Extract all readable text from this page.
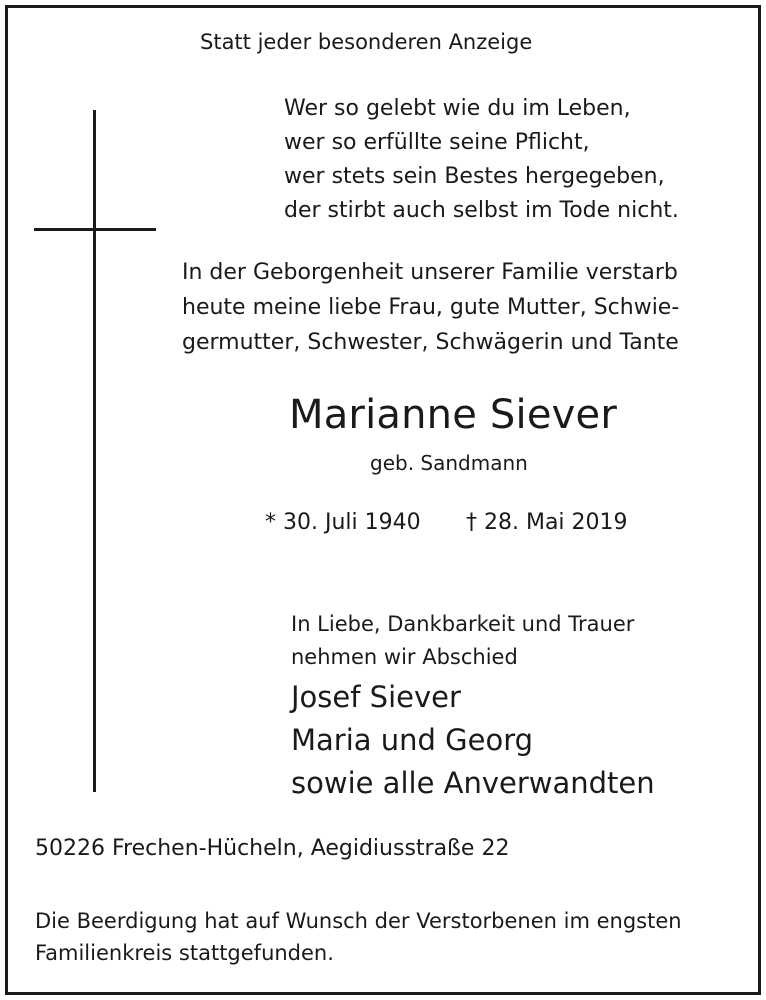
Statt jeder besonderen Anzeige

Wer so gelebt wie du im Leben,
wer so erfüllte seine Pflicht,
wer stets sein Bestes hergegeben,
der stirbt auch selbst im Tode nicht.

In der Geborgenheit unserer Familie verstarb
heute meine liebe Frau, gute Mutter, Schwie-
germutter, Schwester, Schwägerin und Tante

Marianne Siever

geb. Sandmann

* 30. Juli 1940 † 28. Mai 2019

In Liebe, Dankbarkeit und Trauer
nehmen wir Abschied

Josef Siever
Maria und Georg
sowie alle Anverwandten

50226 Frechen-Hücheln, Aegidiusstraße 22

Die Beerdigung hat auf Wunsch der Verstorbenen im engsten
Familienkreis stattgefunden.
